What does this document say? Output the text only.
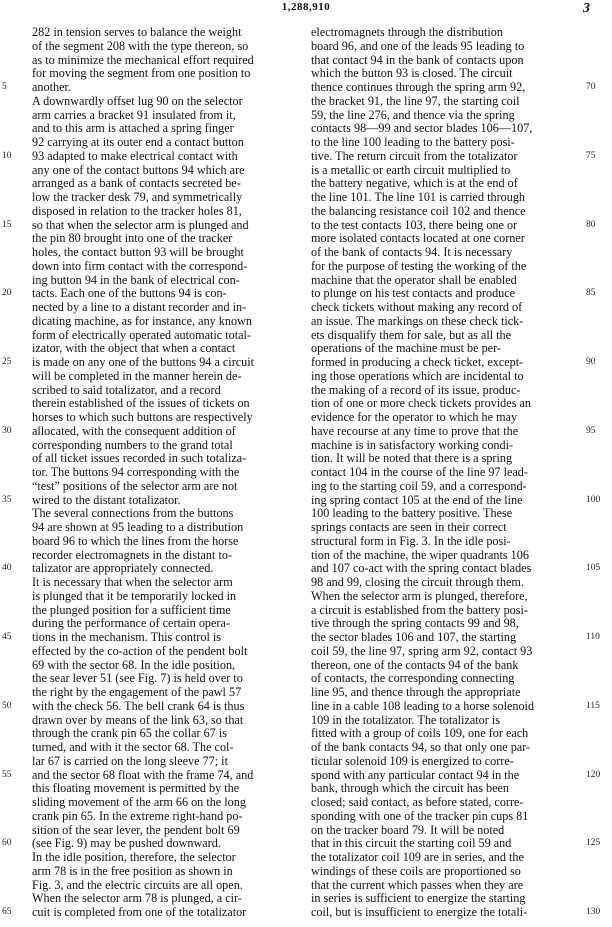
1,288,910	3
282 in tension serves to balance the weight
of the segment 208 with the type thereon, so
as to minimize the mechanical effort required
for moving the segment from one position to
another.
A downwardly offset lug 90 on the selector
arm carries a bracket 91 insulated from it,
and to this arm is attached a spring finger
92 carrying at its outer end a contact button
93 adapted to make electrical contact with
any one of the contact buttons 94 which are
arranged as a bank of contacts secreted be-
low the tracker desk 79, and symmetrically
disposed in relation to the tracker holes 81,
so that when the selector arm is plunged and
the pin 80 brought into one of the tracker
holes, the contact button 93 will be brought
down into firm contact with the correspond-
ing button 94 in the bank of electrical con-
tacts. Each one of the buttons 94 is con-
nected by a line to a distant recorder and in-
dicating machine, as for instance, any known
form of electrically operated automatic total-
izator, with the object that when a contact
is made on any one of the buttons 94 a circuit
will be completed in the manner herein de-
scribed to said totalizator, and a record
therein established of the issues of tickets on
horses to which such buttons are respectively
allocated, with the consequent addition of
corresponding numbers to the grand total
of all ticket issues recorded in such totaliza-
tor. The buttons 94 corresponding with the
“test” positions of the selector arm are not
wired to the distant totalizator.
The several connections from the buttons
94 are shown at 95 leading to a distribution
board 96 to which the lines from the horse
recorder electromagnets in the distant to-
talizator are appropriately connected.
It is necessary that when the selector arm
is plunged that it be temporarily locked in
the plunged position for a sufficient time
during the performance of certain opera-
tions in the mechanism. This control is
effected by the co-action of the pendent bolt
69 with the sector 68. In the idle position,
the sear lever 51 (see Fig. 7) is held over to
the right by the engagement of the pawl 57
with the check 56. The bell crank 64 is thus
drawn over by means of the link 63, so that
through the crank pin 65 the collar 67 is
turned, and with it the sector 68. The col-
lar 67 is carried on the long sleeve 77; it
and the sector 68 float with the frame 74, and
this floating movement is permitted by the
sliding movement of the arm 66 on the long
crank pin 65. In the extreme right-hand po-
sition of the sear lever, the pendent bolt 69
(see Fig. 9) may be pushed downward.
In the idle position, therefore, the selector
arm 78 is in the free position as shown in
Fig. 3, and the electric circuits are all open.
When the selector arm 78 is plunged, a cir-
cuit is completed from one of the totalizator
electromagnets through the distribution
board 96, and one of the leads 95 leading to
that contact 94 in the bank of contacts upon
which the button 93 is closed. The circuit
thence continues through the spring arm 92,
the bracket 91, the line 97, the starting coil
59, the line 276, and thence via the spring
contacts 98—99 and sector blades 106—107,
to the line 100 leading to the battery posi-
tive. The return circuit from the totalizator
is a metallic or earth circuit multiplied to
the battery negative, which is at the end of
the line 101. The line 101 is carried through
the balancing resistance coil 102 and thence
to the test contacts 103, there being one or
more isolated contacts located at one corner
of the bank of contacts 94. It is necessary
for the purpose of testing the working of the
machine that the operator shall be enabled
to plunge on his test contacts and produce
check tickets without making any record of
an issue. The markings on these check tick-
ets disqualify them for sale, but as all the
operations of the machine must be per-
formed in producing a check ticket, except-
ing those operations which are incidental to
the making of a record of its issue, produc-
tion of one or more check tickets provides an
evidence for the operator to which he may
have recourse at any time to prove that the
machine is in satisfactory working condi-
tion. It will be noted that there is a spring
contact 104 in the course of the line 97 lead-
ing to the starting coil 59, and a correspond-
ing spring contact 105 at the end of the line
100 leading to the battery positive. These
springs contacts are seen in their correct
structural form in Fig. 3. In the idle posi-
tion of the machine, the wiper quadrants 106
and 107 co-act with the spring contact blades
98 and 99, closing the circuit through them.
When the selector arm is plunged, therefore,
a circuit is established from the battery posi-
tive through the spring contacts 99 and 98,
the sector blades 106 and 107, the starting
coil 59, the line 97, spring arm 92, contact 93
thereon, one of the contacts 94 of the bank
of contacts, the corresponding connecting
line 95, and thence through the appropriate
line in a cable 108 leading to a horse solenoid
109 in the totalizator. The totalizator is
fitted with a group of coils 109, one for each
of the bank contacts 94, so that only one par-
ticular solenoid 109 is energized to corre-
spond with any particular contact 94 in the
bank, through which the circuit has been
closed; said contact, as before stated, corre-
sponding with one of the tracker pin cups 81
on the tracker board 79. It will be noted
that in this circuit the starting coil 59 and
the totalizator coil 109 are in series, and the
windings of these coils are proportioned so
that the current which passes when they are
in series is sufficient to energize the starting
coil, but is insufficient to energize the totali-
5
10
15
20
25
30
35
40
45
50
55
60
65
70
75
80
85
90
95
100
105
110
115
120
125
130
